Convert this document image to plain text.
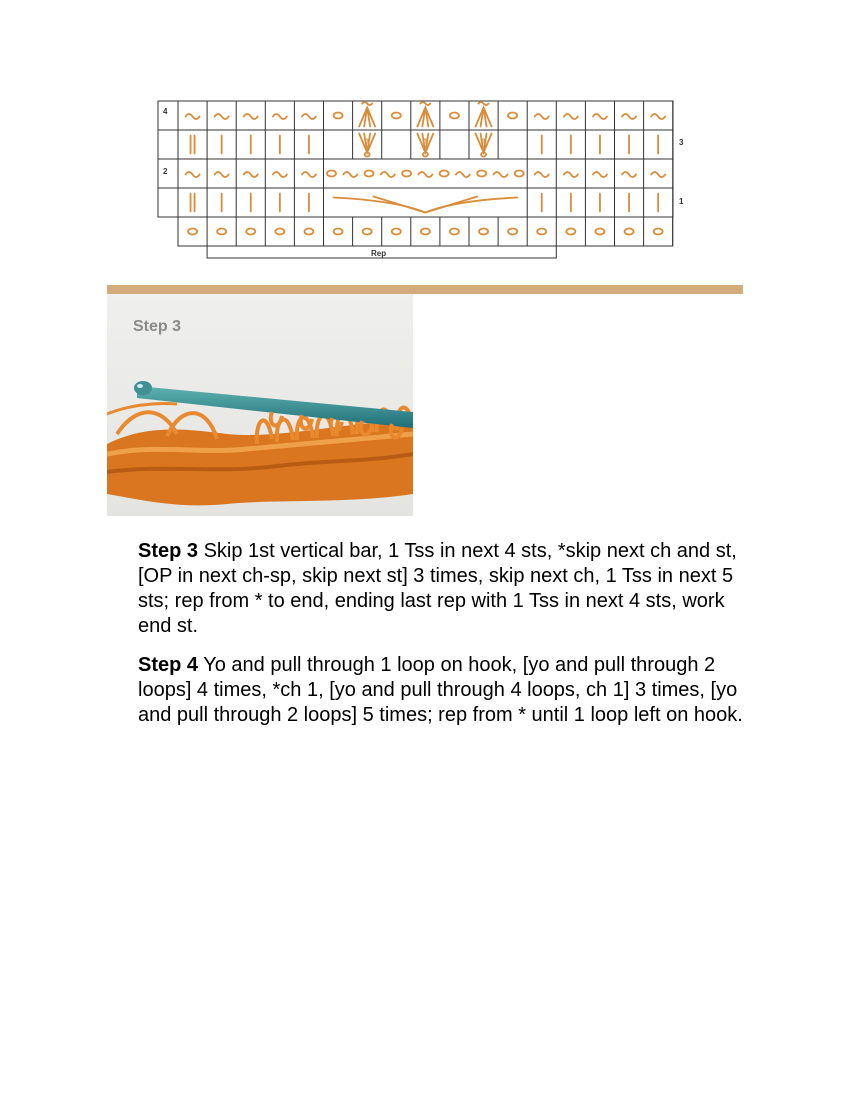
4
2
3
1
Rep
3	3	3
Step 3

Step 3 Skip 1st vertical bar, 1 Tss in next 4 sts, *skip next ch and st, [OP in next ch-sp, skip next st] 3 times, skip next ch, 1 Tss in next 5 sts; rep from * to end, ending last rep with 1 Tss in next 4 sts, work end st.

Step 4 Yo and pull through 1 loop on hook, [yo and pull through 2 loops] 4 times, *ch 1, [yo and pull through 4 loops, ch 1] 3 times, [yo and pull through 2 loops] 5 times; rep from * until 1 loop left on hook.
